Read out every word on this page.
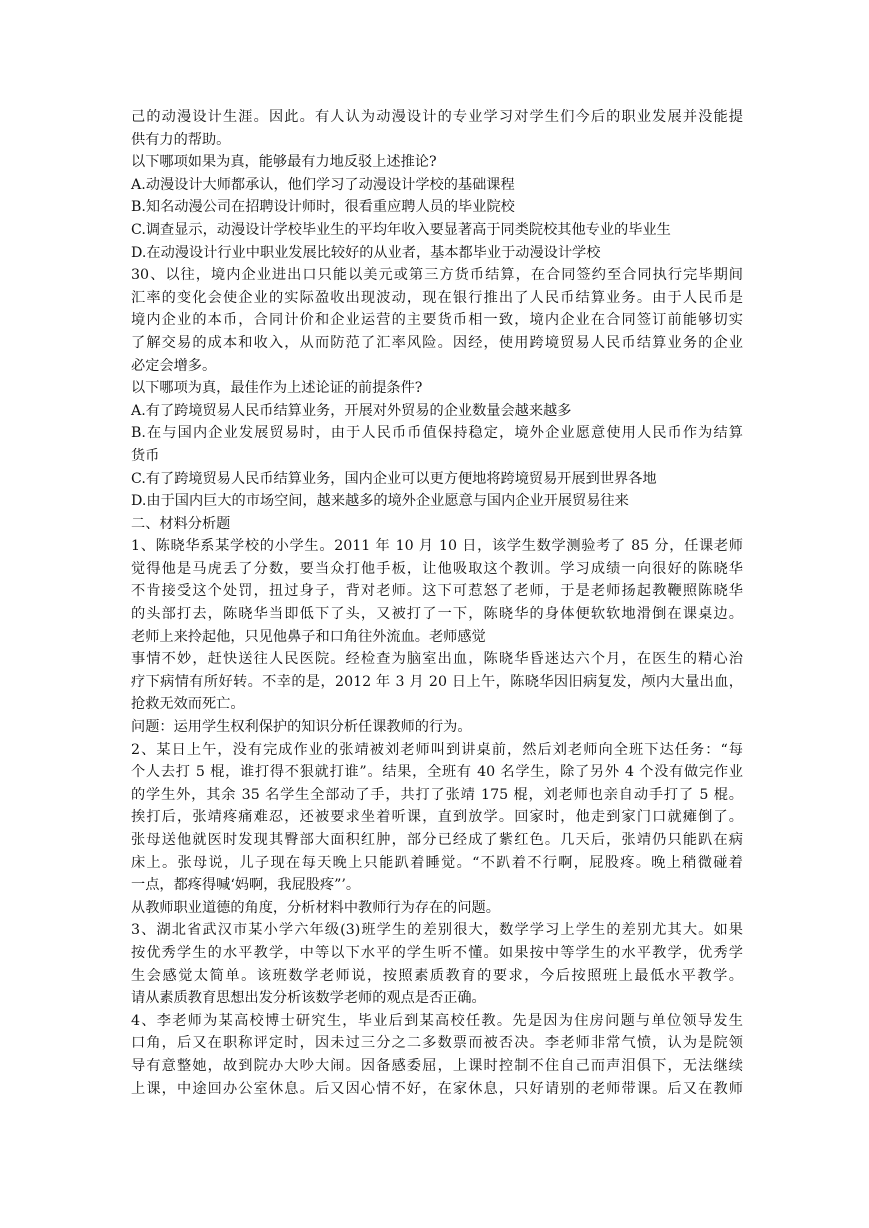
己的动漫设计生涯。因此。有人认为动漫设计的专业学习对学生们今后的职业发展并没能提
供有力的帮助。
以下哪项如果为真，能够最有力地反驳上述推论?
A.动漫设计大师都承认，他们学习了动漫设计学校的基础课程
B.知名动漫公司在招聘设计师时，很看重应聘人员的毕业院校
C.调查显示，动漫设计学校毕业生的平均年收入要显著高于同类院校其他专业的毕业生
D.在动漫设计行业中职业发展比较好的从业者，基本都毕业于动漫设计学校
30、以往，境内企业进出口只能以美元或第三方货币结算，在合同签约至合同执行完毕期间
汇率的变化会使企业的实际盈收出现波动，现在银行推出了人民币结算业务。由于人民币是
境内企业的本币，合同计价和企业运营的主要货币相一致，境内企业在合同签订前能够切实
了解交易的成本和收入，从而防范了汇率风险。因经，使用跨境贸易人民币结算业务的企业
必定会增多。
以下哪项为真，最佳作为上述论证的前提条件?
A.有了跨境贸易人民币结算业务，开展对外贸易的企业数量会越来越多
B.在与国内企业发展贸易时，由于人民币币值保持稳定，境外企业愿意使用人民币作为结算
货币
C.有了跨境贸易人民币结算业务，国内企业可以更方便地将跨境贸易开展到世界各地
D.由于国内巨大的市场空间，越来越多的境外企业愿意与国内企业开展贸易往来
二、材料分析题
1、陈晓华系某学校的小学生。2011 年 10 月 10 日，该学生数学测验考了 85 分，任课老师
觉得他是马虎丢了分数，要当众打他手板，让他吸取这个教训。学习成绩一向很好的陈晓华
不肯接受这个处罚，扭过身子，背对老师。这下可惹怒了老师，于是老师扬起教鞭照陈晓华
的头部打去，陈晓华当即低下了头，又被打了一下，陈晓华的身体便软软地滑倒在课桌边。
老师上来拎起他，只见他鼻子和口角往外流血。老师感觉
事情不妙，赶快送往人民医院。经检查为脑室出血，陈晓华昏迷达六个月，在医生的精心治
疗下病情有所好转。不幸的是，2012 年 3 月 20 日上午，陈晓华因旧病复发，颅内大量出血，
抢救无效而死亡。
问题：运用学生权利保护的知识分析任课教师的行为。
2、某日上午，没有完成作业的张靖被刘老师叫到讲桌前，然后刘老师向全班下达任务：“每
个人去打 5 棍，谁打得不狠就打谁”。结果，全班有 40 名学生，除了另外 4 个没有做完作业
的学生外，其余 35 名学生全部动了手，共打了张靖 175 棍，刘老师也亲自动手打了 5 棍。
挨打后，张靖疼痛难忍，还被要求坐着听课，直到放学。回家时，他走到家门口就瘫倒了。
张母送他就医时发现其臀部大面积红肿，部分已经成了紫红色。几天后，张靖仍只能趴在病
床上。张母说，儿子现在每天晚上只能趴着睡觉。“不趴着不行啊，屁股疼。晚上稍微碰着
一点，都疼得喊‘妈啊，我屁股疼”’。
从教师职业道德的角度，分析材料中教师行为存在的问题。
3、湖北省武汉市某小学六年级(3)班学生的差别很大，数学学习上学生的差别尤其大。如果
按优秀学生的水平教学，中等以下水平的学生听不懂。如果按中等学生的水平教学，优秀学
生会感觉太简单。该班数学老师说，按照素质教育的要求，今后按照班上最低水平教学。
请从素质教育思想出发分析该数学老师的观点是否正确。
4、李老师为某高校博士研究生，毕业后到某高校任教。先是因为住房问题与单位领导发生
口角，后又在职称评定时，因未过三分之二多数票而被否决。李老师非常气愤，认为是院领
导有意整她，故到院办大吵大闹。因备感委屈，上课时控制不住自己而声泪俱下，无法继续
上课，中途回办公室休息。后又因心情不好，在家休息，只好请别的老师带课。后又在教师
